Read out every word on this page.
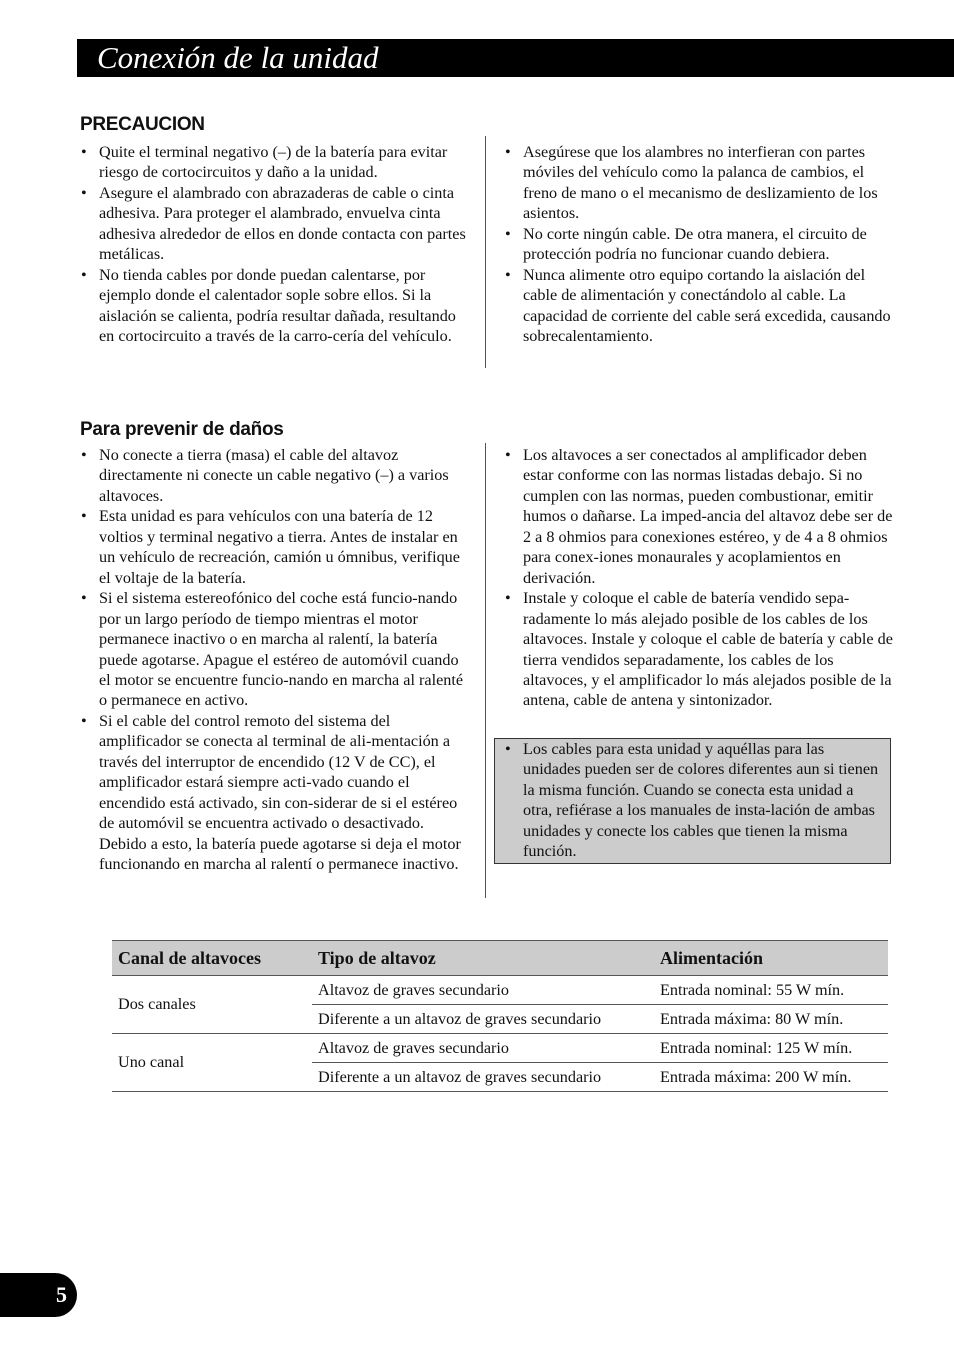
Conexión de la unidad
PRECAUCION
• Quite el terminal negativo (–) de la batería para evitar riesgo de cortocircuitos y daño a la unidad.
• Asegure el alambrado con abrazaderas de cable o cinta adhesiva. Para proteger el alambrado, envuelva cinta adhesiva alrededor de ellos en donde contacta con partes metálicas.
• No tienda cables por donde puedan calentarse, por ejemplo donde el calentador sople sobre ellos. Si la aislación se calienta, podría resultar dañada, resultando en cortocircuito a través de la carro-cería del vehículo.
• Asegúrese que los alambres no interfieran con partes móviles del vehículo como la palanca de cambios, el freno de mano o el mecanismo de deslizamiento de los asientos.
• No corte ningún cable. De otra manera, el circuito de protección podría no funcionar cuando debiera.
• Nunca alimente otro equipo cortando la aislación del cable de alimentación y conectándolo al cable. La capacidad de corriente del cable será excedida, causando sobrecalentamiento.
Para prevenir de daños
• No conecte a tierra (masa) el cable del altavoz directamente ni conecte un cable negativo (–) a varios altavoces.
• Esta unidad es para vehículos con una batería de 12 voltios y terminal negativo a tierra. Antes de instalar en un vehículo de recreación, camión u ómnibus, verifique el voltaje de la batería.
• Si el sistema estereofónico del coche está funcio-nando por un largo período de tiempo mientras el motor permanece inactivo o en marcha al ralentí, la batería puede agotarse. Apague el estéreo de automóvil cuando el motor se encuentre funcio-nando en marcha al ralenté o permanece en activo.
• Si el cable del control remoto del sistema del amplificador se conecta al terminal de ali-mentación a través del interruptor de encendido (12 V de CC), el amplificador estará siempre acti-vado cuando el encendido está activado, sin con-siderar de si el estéreo de automóvil se encuentra activado o desactivado. Debido a esto, la batería puede agotarse si deja el motor funcionando en marcha al ralentí o permanece inactivo.
• Los altavoces a ser conectados al amplificador deben estar conforme con las normas listadas debajo. Si no cumplen con las normas, pueden combustionar, emitir humos o dañarse. La imped-ancia del altavoz debe ser de 2 a 8 ohmios para conexiones estéreo, y de 4 a 8 ohmios para conex-iones monaurales y acoplamientos en derivación.
• Instale y coloque el cable de batería vendido sepa-radamente lo más alejado posible de los cables de los altavoces. Instale y coloque el cable de batería y cable de tierra vendidos separadamente, los cables de los altavoces, y el amplificador lo más alejados posible de la antena, cable de antena y sintonizador.
• Los cables para esta unidad y aquéllas para las unidades pueden ser de colores diferentes aun si tienen la misma función. Cuando se conecta esta unidad a otra, refiérase a los manuales de insta-lación de ambas unidades y conecte los cables que tienen la misma función.
Canal de altavoces	Tipo de altavoz	Alimentación
Dos canales	Altavoz de graves secundario	Entrada nominal: 55 W mín.
	Diferente a un altavoz de graves secundario	Entrada máxima: 80 W mín.
Uno canal	Altavoz de graves secundario	Entrada nominal: 125 W mín.
	Diferente a un altavoz de graves secundario	Entrada máxima: 200 W mín.
5
